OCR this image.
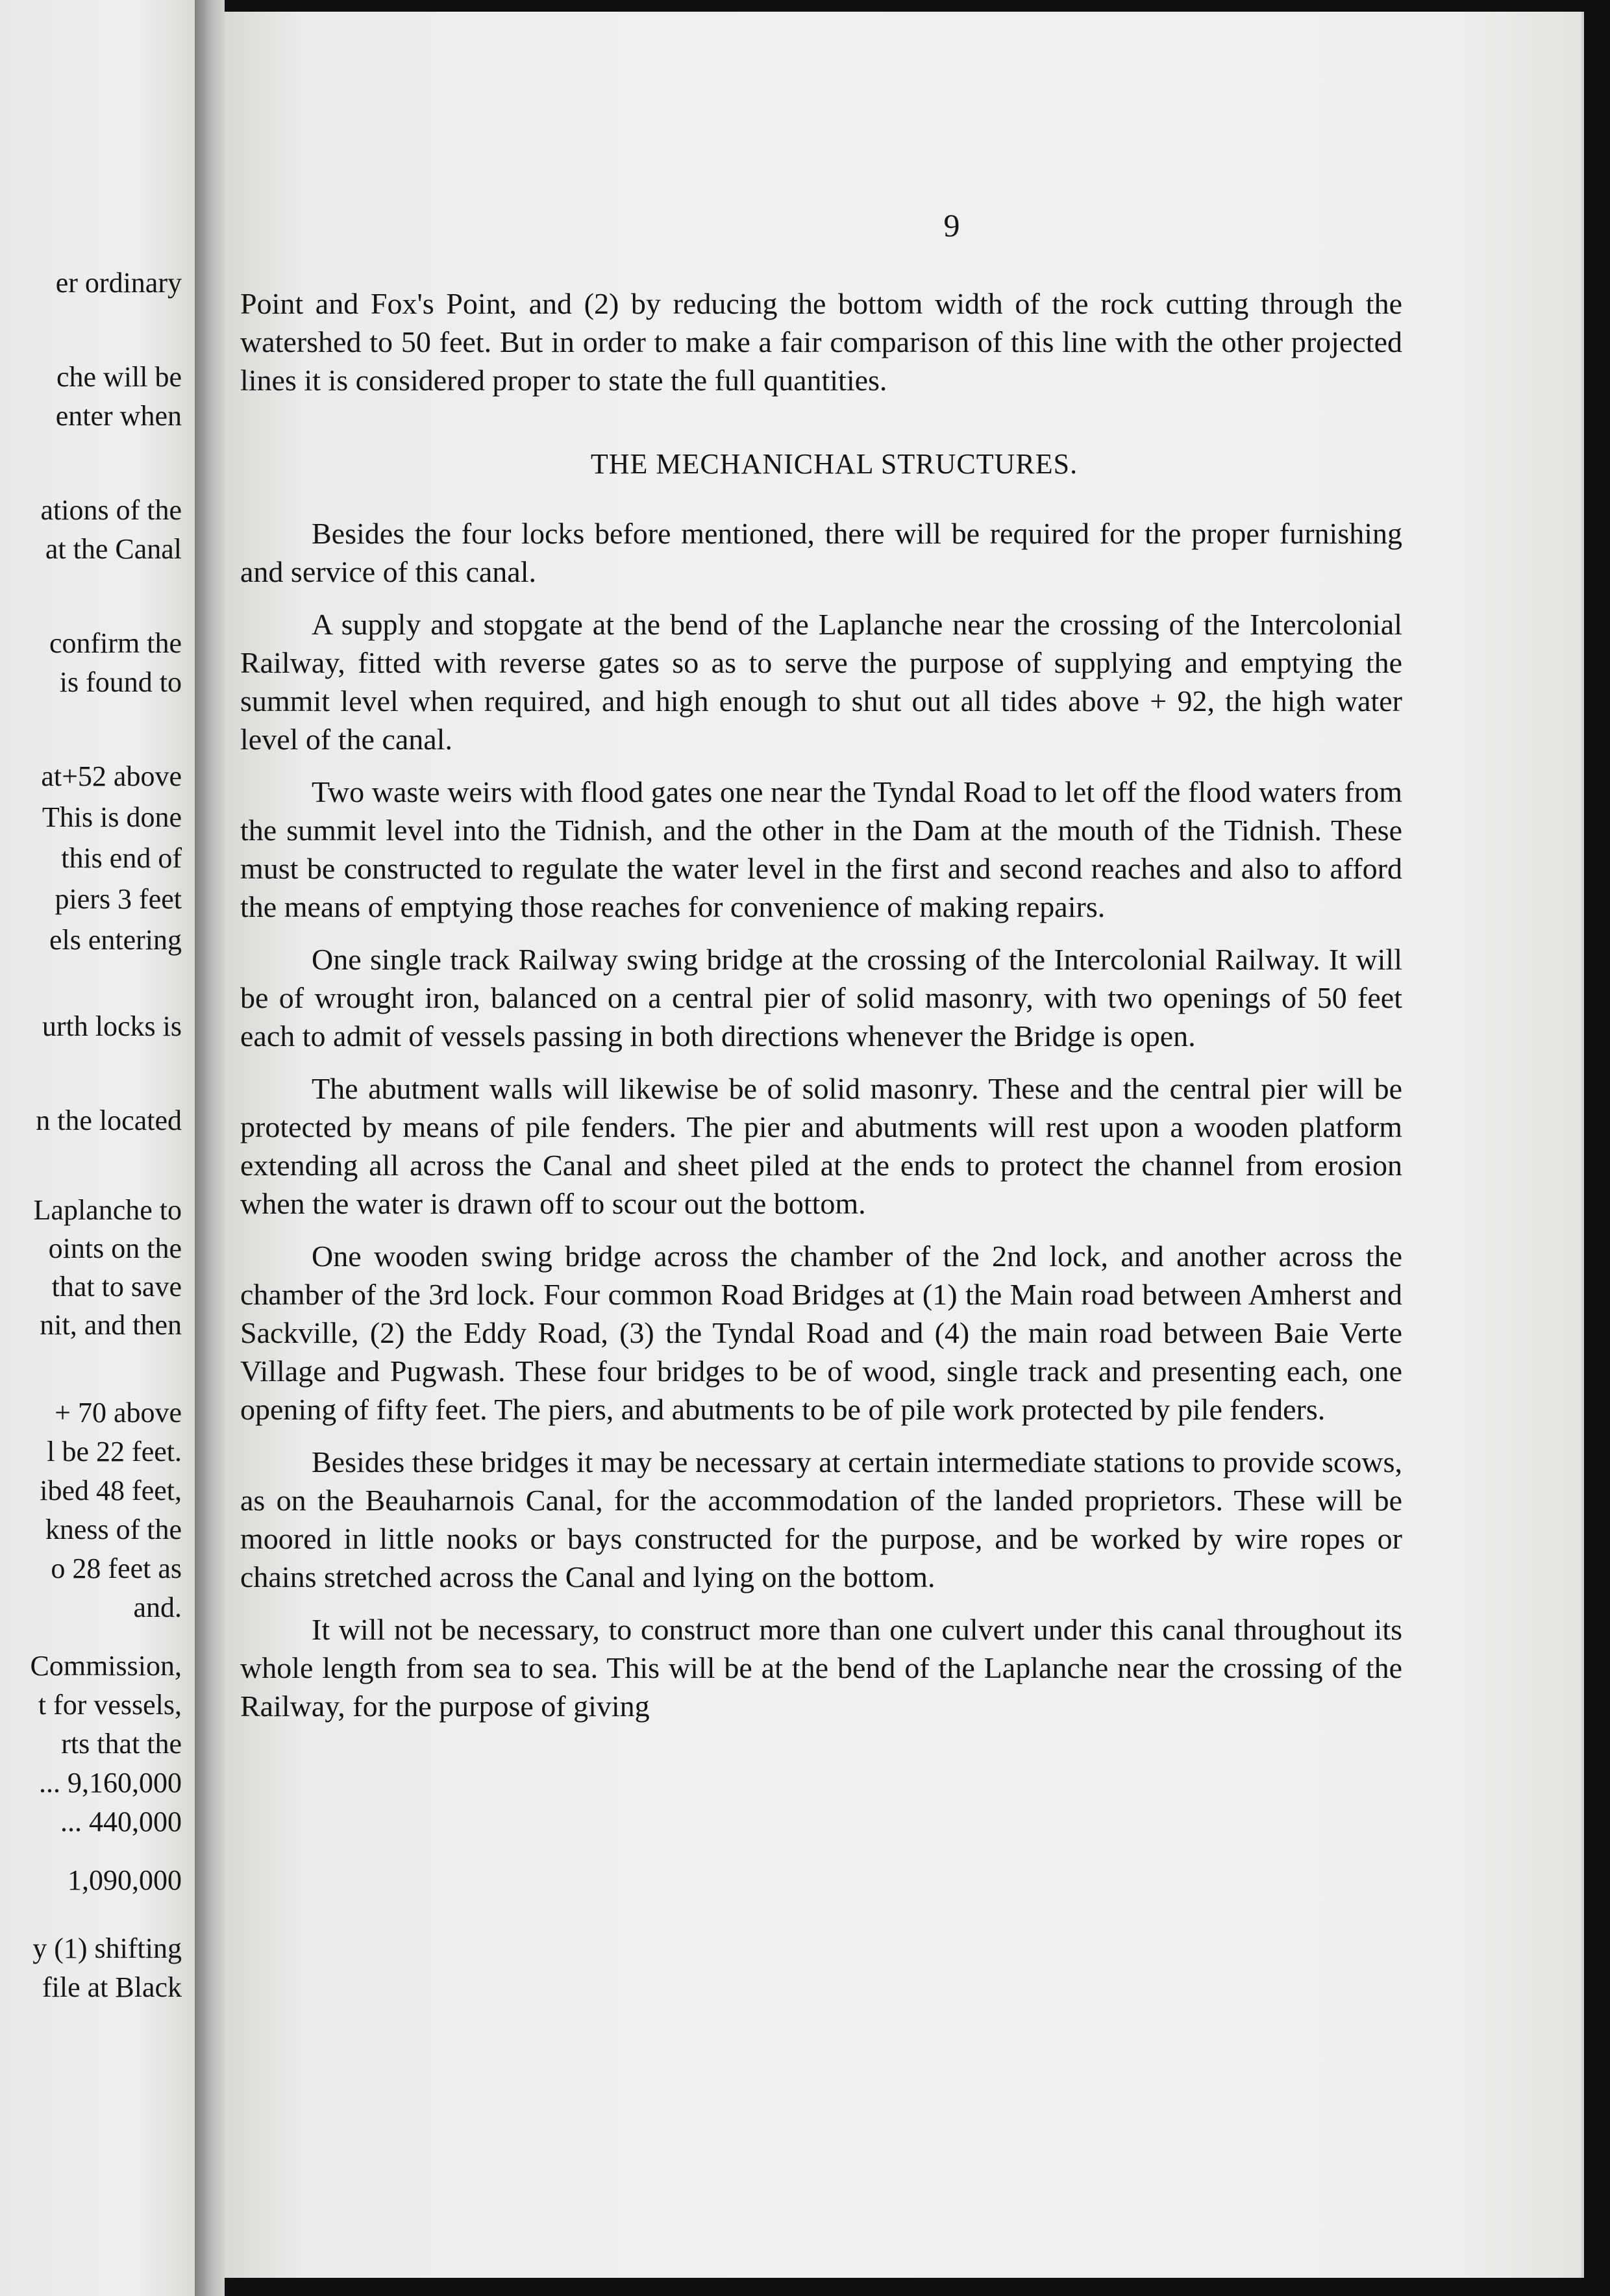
er ordinary
che will be
enter when
ations of the
at the Canal
confirm the
is found to
at+52 above
This is done
this end of
piers 3 feet
els entering
urth locks is
n the located
Laplanche to
oints on the
that to save
nit, and then
+ 70 above
l be 22 feet.
ibed 48 feet,
kness of the
o 28 feet as
and.
Commission,
t for vessels,
rts that the
... 9,160,000
... 440,000
1,090,000
y (1) shifting
file at Black
9

Point and Fox's Point, and (2) by reducing the bottom width of the rock cutting through the watershed to 50 feet. But in order to make a fair comparison of this line with the other projected lines it is considered proper to state the full quantities.

THE MECHANICHAL STRUCTURES.

Besides the four locks before mentioned, there will be required for the proper furnishing and service of this canal.

A supply and stopgate at the bend of the Laplanche near the crossing of the Intercolonial Railway, fitted with reverse gates so as to serve the purpose of supplying and emptying the summit level when required, and high enough to shut out all tides above + 92, the high water level of the canal.

Two waste weirs with flood gates one near the Tyndal Road to let off the flood waters from the summit level into the Tidnish, and the other in the Dam at the mouth of the Tidnish. These must be constructed to regulate the water level in the first and second reaches and also to afford the means of emptying those reaches for convenience of making repairs.

One single track Railway swing bridge at the crossing of the Intercolonial Railway. It will be of wrought iron, balanced on a central pier of solid masonry, with two openings of 50 feet each to admit of vessels passing in both directions whenever the Bridge is open.

The abutment walls will likewise be of solid masonry. These and the central pier will be protected by means of pile fenders. The pier and abutments will rest upon a wooden platform extending all across the Canal and sheet piled at the ends to protect the channel from erosion when the water is drawn off to scour out the bottom.

One wooden swing bridge across the chamber of the 2nd lock, and another across the chamber of the 3rd lock. Four common Road Bridges at (1) the Main road between Amherst and Sackville, (2) the Eddy Road, (3) the Tyndal Road and (4) the main road between Baie Verte Village and Pugwash. These four bridges to be of wood, single track and presenting each, one opening of fifty feet. The piers, and abutments to be of pile work protected by pile fenders.

Besides these bridges it may be necessary at certain intermediate stations to provide scows, as on the Beauharnois Canal, for the accommodation of the landed proprietors. These will be moored in little nooks or bays constructed for the purpose, and be worked by wire ropes or chains stretched across the Canal and lying on the bottom.

It will not be necessary, to construct more than one culvert under this canal throughout its whole length from sea to sea. This will be at the bend of the Laplanche near the crossing of the Railway, for the purpose of giving
